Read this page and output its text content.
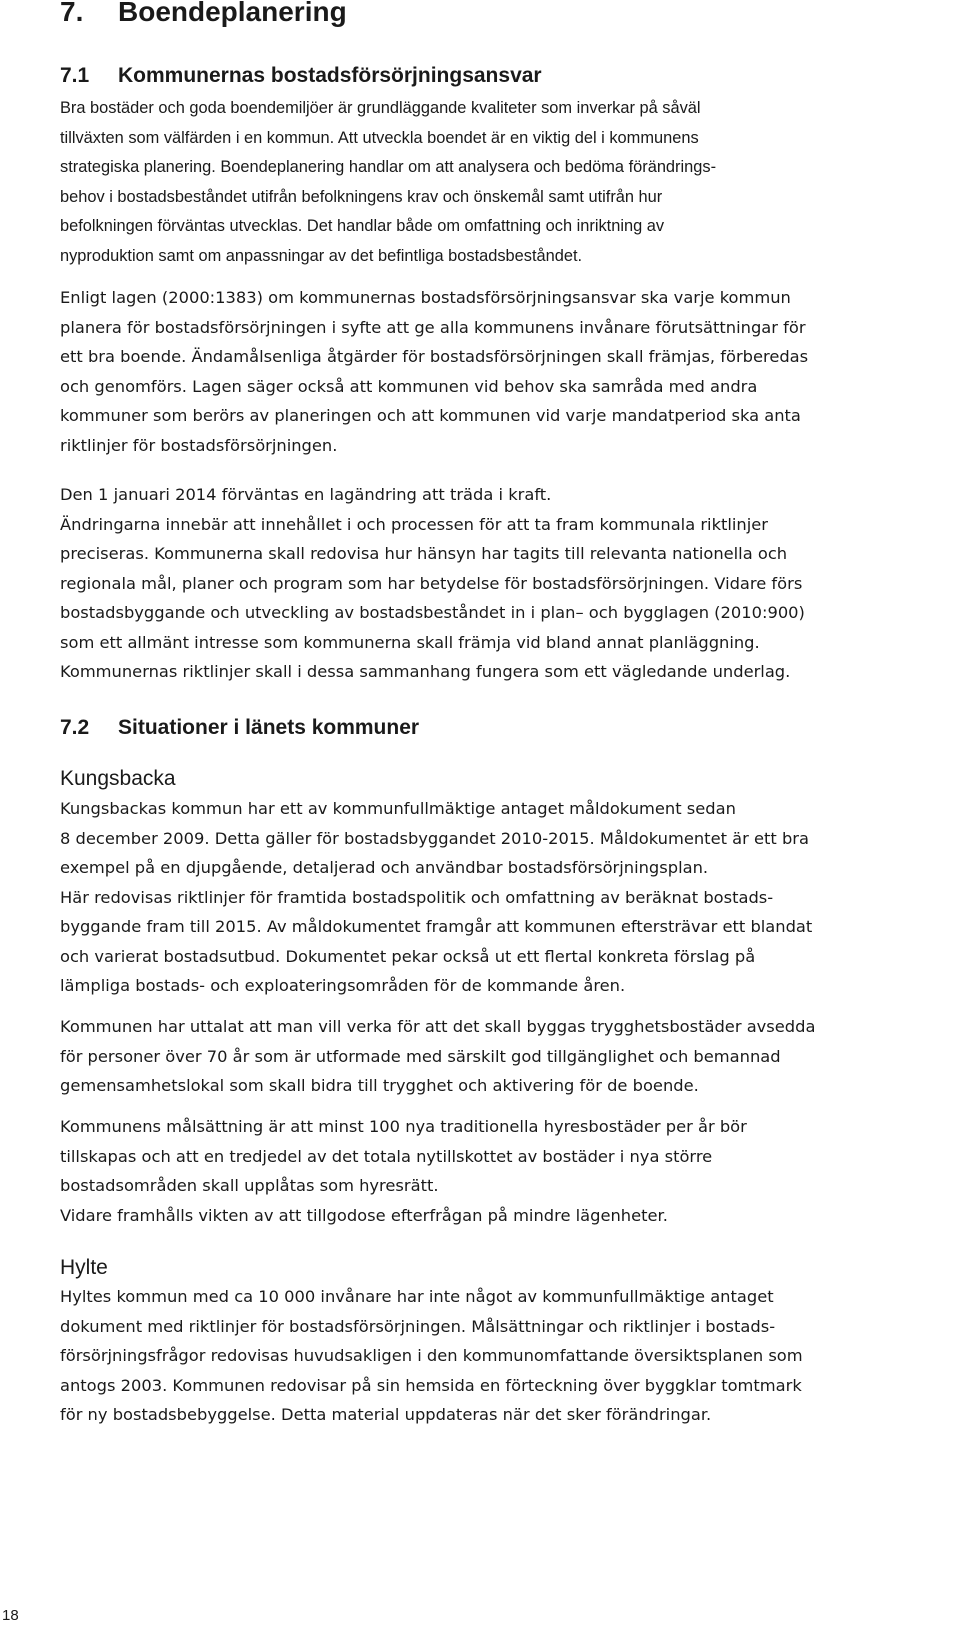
7. Boendeplanering
7.1 Kommunernas bostadsförsörjningsansvar
Bra bostäder och goda boendemiljöer är grundläggande kvaliteter som inverkar på såväl
tillväxten som välfärden i en kommun. Att utveckla boendet är en viktig del i kommunens
strategiska planering. Boendeplanering handlar om att analysera och bedöma förändrings-
behov i bostadsbeståndet utifrån befolkningens krav och önskemål samt utifrån hur
befolkningen förväntas utvecklas. Det handlar både om omfattning och inriktning av
nyproduktion samt om anpassningar av det befintliga bostadsbeståndet.
Enligt lagen (2000:1383) om kommunernas bostadsförsörjningsansvar ska varje kommun
planera för bostadsförsörjningen i syfte att ge alla kommunens invånare förutsättningar för
ett bra boende. Ändamålsenliga åtgärder för bostadsförsörjningen skall främjas, förberedas
och genomförs. Lagen säger också att kommunen vid behov ska samråda med andra
kommuner som berörs av planeringen och att kommunen vid varje mandatperiod ska anta
riktlinjer för bostadsförsörjningen.
Den 1 januari 2014 förväntas en lagändring att träda i kraft.
Ändringarna innebär att innehållet i och processen för att ta fram kommunala riktlinjer
preciseras. Kommunerna skall redovisa hur hänsyn har tagits till relevanta nationella och
regionala mål, planer och program som har betydelse för bostadsförsörjningen. Vidare förs
bostadsbyggande och utveckling av bostadsbeståndet in i plan– och bygglagen (2010:900)
som ett allmänt intresse som kommunerna skall främja vid bland annat planläggning.
Kommunernas riktlinjer skall i dessa sammanhang fungera som ett vägledande underlag.
7.2 Situationer i länets kommuner
Kungsbacka
Kungsbackas kommun har ett av kommunfullmäktige antaget måldokument sedan
8 december 2009. Detta gäller för bostadsbyggandet 2010-2015. Måldokumentet är ett bra
exempel på en djupgående, detaljerad och användbar bostadsförsörjningsplan.
Här redovisas riktlinjer för framtida bostadspolitik och omfattning av beräknat bostads-
byggande fram till 2015. Av måldokumentet framgår att kommunen eftersträvar ett blandat
och varierat bostadsutbud. Dokumentet pekar också ut ett flertal konkreta förslag på
lämpliga bostads- och exploateringsområden för de kommande åren.
Kommunen har uttalat att man vill verka för att det skall byggas trygghetsbostäder avsedda
för personer över 70 år som är utformade med särskilt god tillgänglighet och bemannad
gemensamhetslokal som skall bidra till trygghet och aktivering för de boende.
Kommunens målsättning är att minst 100 nya traditionella hyresbostäder per år bör
tillskapas och att en tredjedel av det totala nytillskottet av bostäder i nya större
bostadsområden skall upplåtas som hyresrätt.
Vidare framhålls vikten av att tillgodose efterfrågan på mindre lägenheter.
Hylte
Hyltes kommun med ca 10 000 invånare har inte något av kommunfullmäktige antaget
dokument med riktlinjer för bostadsförsörjningen. Målsättningar och riktlinjer i bostads-
försörjningsfrågor redovisas huvudsakligen i den kommunomfattande översiktsplanen som
antogs 2003. Kommunen redovisar på sin hemsida en förteckning över byggklar tomtmark
för ny bostadsbebyggelse. Detta material uppdateras när det sker förändringar.

18
